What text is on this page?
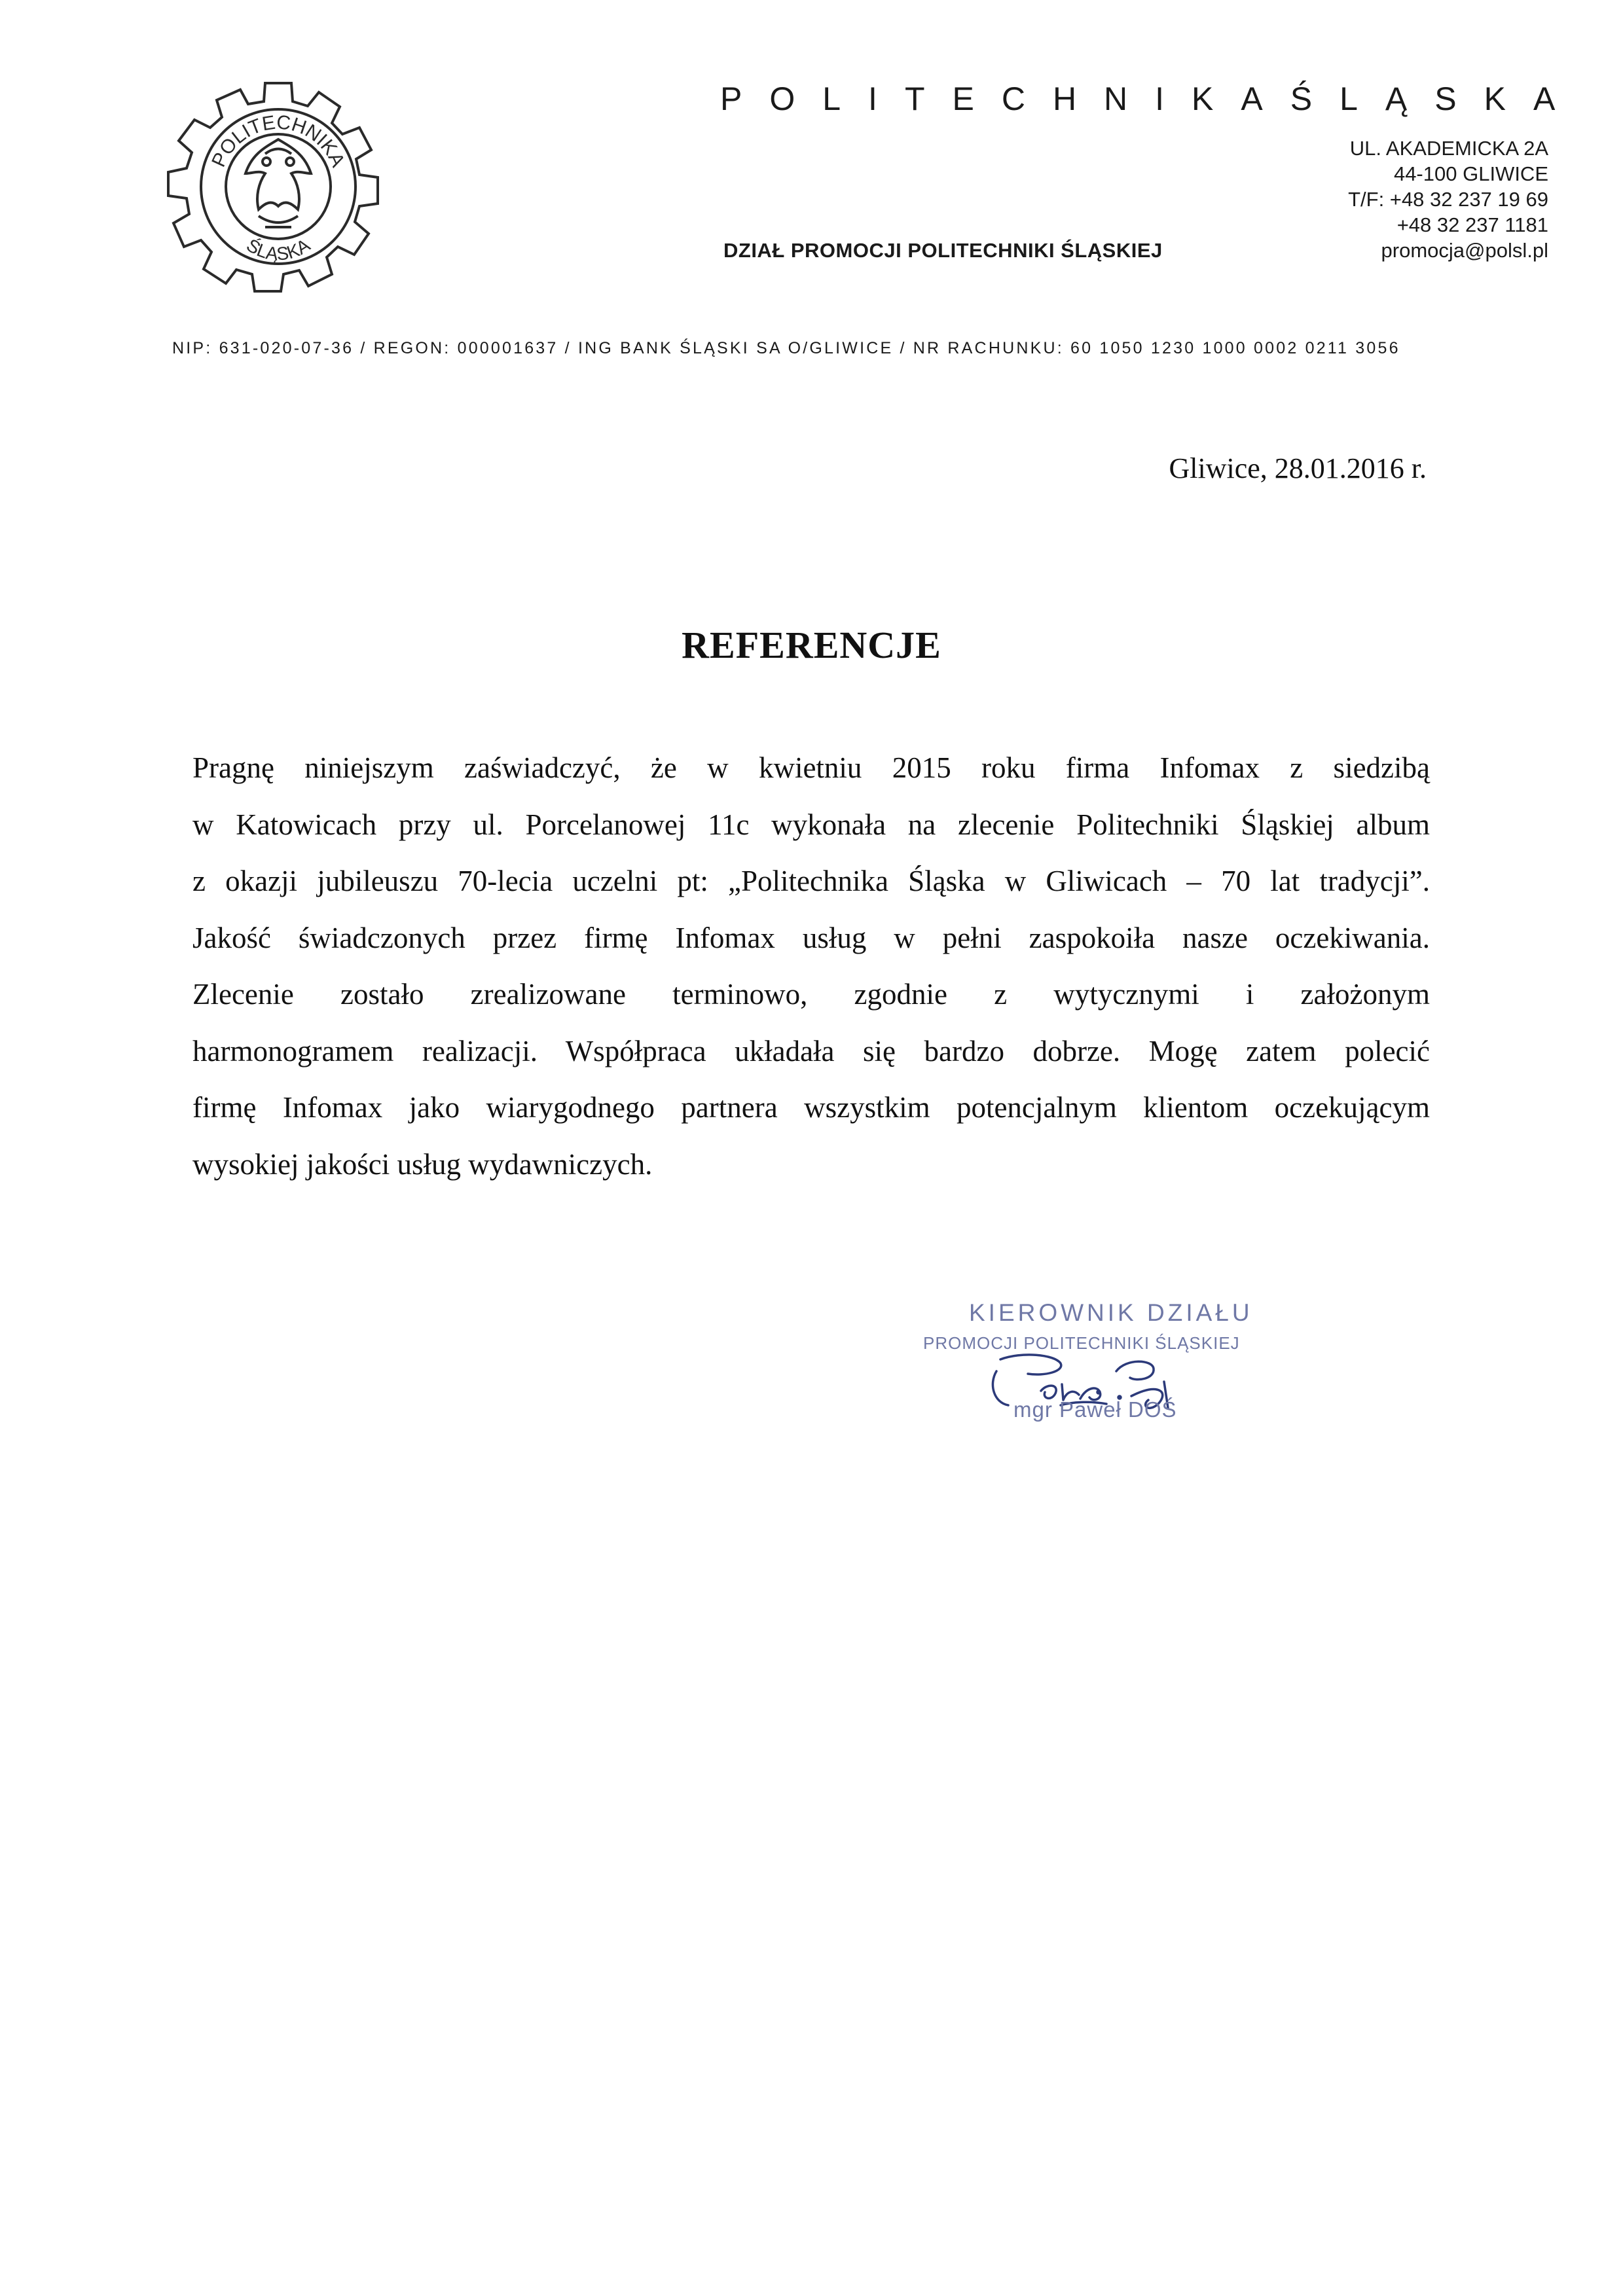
POLITECHNIKA
ŚLĄSKA
POLITECHNIKA ŚLĄSKA
UL. AKADEMICKA 2A
44-100 GLIWICE
T/F: +48 32 237 19 69
+48 32 237 1181
promocja@polsl.pl
DZIAŁ PROMOCJI POLITECHNIKI ŚLĄSKIEJ
NIP: 631-020-07-36 / REGON: 000001637 / ING BANK ŚLĄSKI SA O/GLIWICE / NR RACHUNKU: 60 1050 1230 1000 0002 0211 3056
Gliwice, 28.01.2016 r.
REFERENCJE
Pragnę niniejszym zaświadczyć, że w kwietniu 2015 roku firma Infomax z siedzibą
w Katowicach przy ul. Porcelanowej 11c wykonała na zlecenie Politechniki Śląskiej album
z okazji jubileuszu 70-lecia uczelni pt: „Politechnika Śląska w Gliwicach – 70 lat tradycji”.
Jakość świadczonych przez firmę Infomax usług w pełni zaspokoiła nasze oczekiwania.
Zlecenie zostało zrealizowane terminowo, zgodnie z wytycznymi i założonym
harmonogramem realizacji. Współpraca układała się bardzo dobrze. Mogę zatem polecić
firmę Infomax jako wiarygodnego partnera wszystkim potencjalnym klientom oczekującym
wysokiej jakości usług wydawniczych.
KIEROWNIK DZIAŁU
PROMOCJI POLITECHNIKI ŚLĄSKIEJ
mgr Paweł DOŚ
